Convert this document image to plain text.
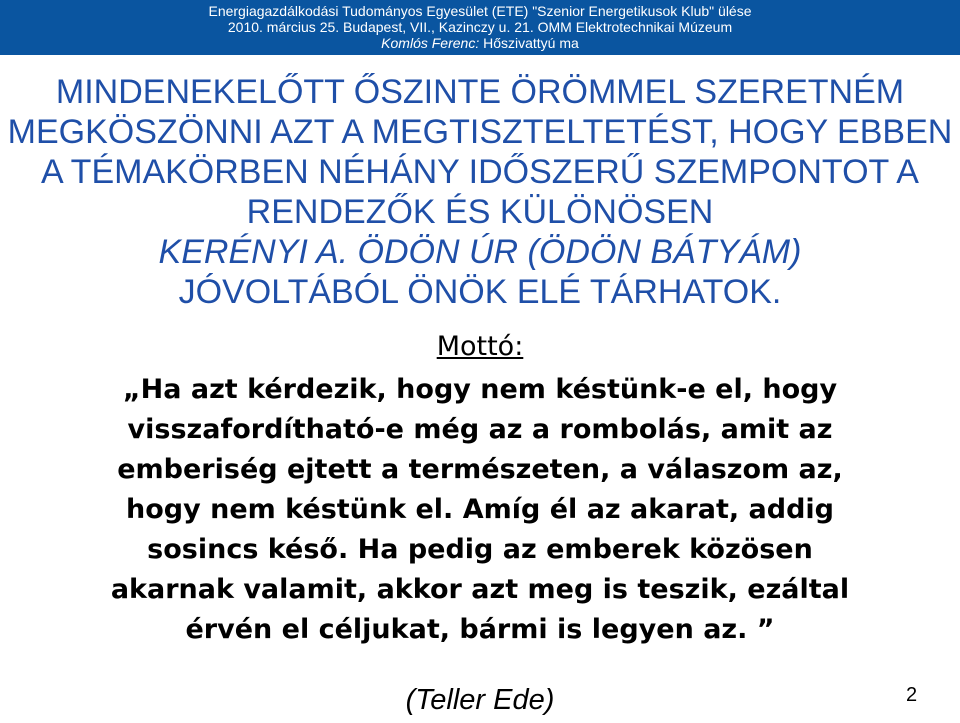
Energiagazdálkodási Tudományos Egyesület (ETE) "Szenior Energetikusok Klub" ülése
2010. március 25. Budapest, VII., Kazinczy u. 21. OMM Elektrotechnikai Múzeum
Komlós Ferenc: Hőszivattyú ma
MINDENEKELŐTT ŐSZINTE ÖRÖMMEL SZERETNÉM
MEGKÖSZÖNNI AZT A MEGTISZTELTETÉST, HOGY EBBEN
A TÉMAKÖRBEN NÉHÁNY IDŐSZERŰ SZEMPONTOT A
RENDEZŐK ÉS KÜLÖNÖSEN
KERÉNYI A. ÖDÖN ÚR (ÖDÖN BÁTYÁM)
JÓVOLTÁBÓL ÖNÖK ELÉ TÁRHATOK.
Mottó:
„Ha azt kérdezik, hogy nem késtünk-e el, hogy
visszafordítható-e még az a rombolás, amit az
emberiség ejtett a természeten, a válaszom az,
hogy nem késtünk el. Amíg él az akarat, addig
sosincs késő. Ha pedig az emberek közösen
akarnak valamit, akkor azt meg is teszik, ezáltal
érvén el céljukat, bármi is legyen az. ”
(Teller Ede)	2
